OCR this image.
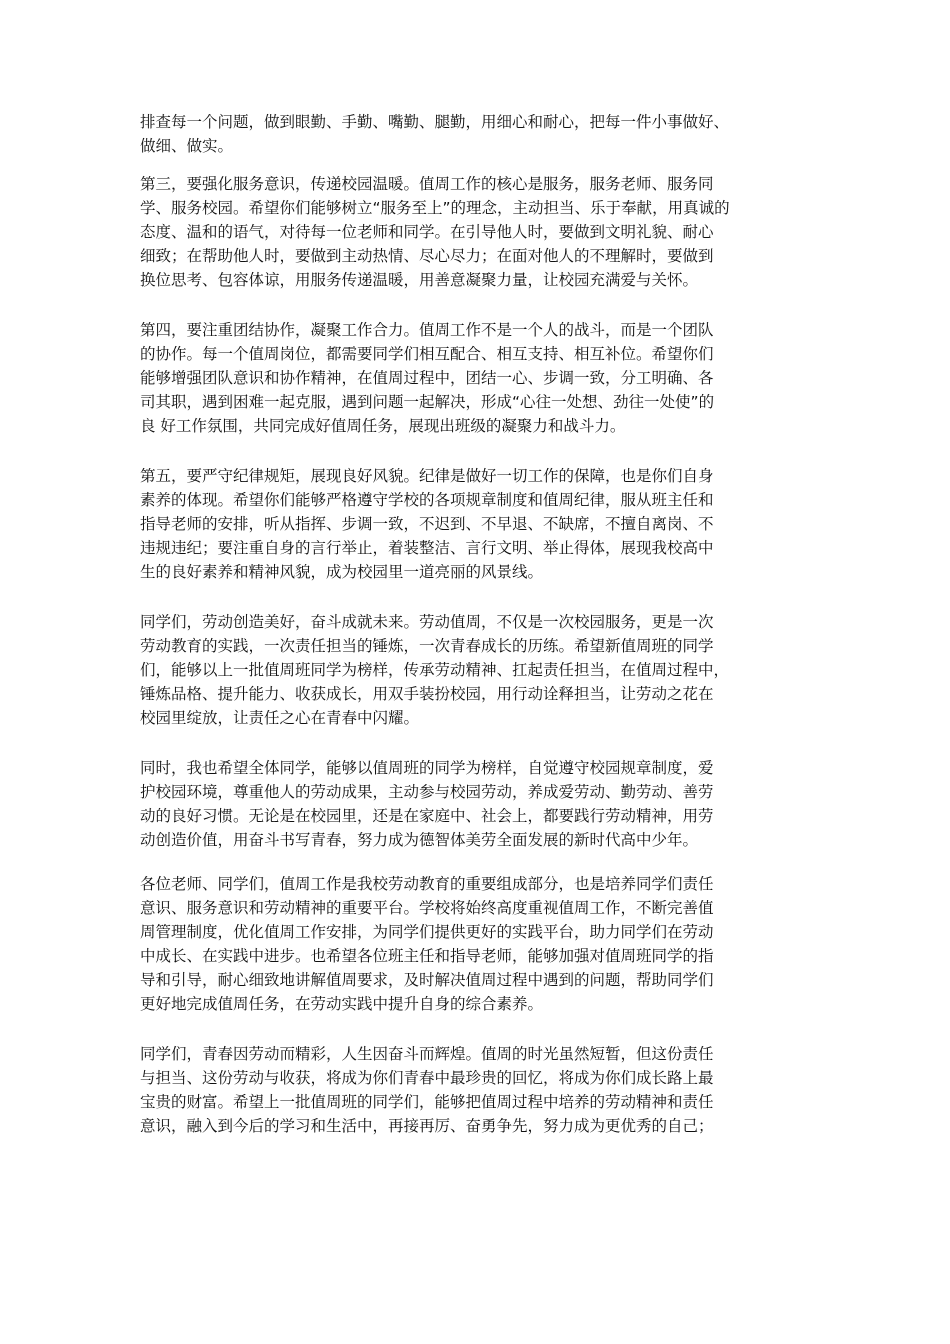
排查每一个问题，做到眼勤、手勤、嘴勤、腿勤，用细心和耐心，把每一件小事做好、
做细、做实。

第三，要强化服务意识，传递校园温暖。值周工作的核心是服务，服务老师、服务同
学、服务校园。希望你们能够树立“服务至上”的理念，主动担当、乐于奉献，用真诚的
态度、温和的语气，对待每一位老师和同学。在引导他人时，要做到文明礼貌、耐心
细致；在帮助他人时，要做到主动热情、尽心尽力；在面对他人的不理解时，要做到
换位思考、包容体谅，用服务传递温暖，用善意凝聚力量，让校园充满爱与关怀。

第四，要注重团结协作，凝聚工作合力。值周工作不是一个人的战斗，而是一个团队
的协作。每一个值周岗位，都需要同学们相互配合、相互支持、相互补位。希望你们
能够增强团队意识和协作精神，在值周过程中，团结一心、步调一致，分工明确、各
司其职，遇到困难一起克服，遇到问题一起解决，形成“心往一处想、劲往一处使”的
良 好工作氛围，共同完成好值周任务，展现出班级的凝聚力和战斗力。

第五，要严守纪律规矩，展现良好风貌。纪律是做好一切工作的保障，也是你们自身
素养的体现。希望你们能够严格遵守学校的各项规章制度和值周纪律，服从班主任和
指导老师的安排，听从指挥、步调一致，不迟到、不早退、不缺席，不擅自离岗、不
违规违纪；要注重自身的言行举止，着装整洁、言行文明、举止得体，展现我校高中
生的良好素养和精神风貌，成为校园里一道亮丽的风景线。

同学们，劳动创造美好，奋斗成就未来。劳动值周，不仅是一次校园服务，更是一次
劳动教育的实践，一次责任担当的锤炼，一次青春成长的历练。希望新值周班的同学
们，能够以上一批值周班同学为榜样，传承劳动精神、扛起责任担当，在值周过程中，
锤炼品格、提升能力、收获成长，用双手装扮校园，用行动诠释担当，让劳动之花在
校园里绽放，让责任之心在青春中闪耀。

同时，我也希望全体同学，能够以值周班的同学为榜样，自觉遵守校园规章制度，爱
护校园环境，尊重他人的劳动成果，主动参与校园劳动，养成爱劳动、勤劳动、善劳
动的良好习惯。无论是在校园里，还是在家庭中、社会上，都要践行劳动精神，用劳
动创造价值，用奋斗书写青春，努力成为德智体美劳全面发展的新时代高中少年。

各位老师、同学们，值周工作是我校劳动教育的重要组成部分，也是培养同学们责任
意识、服务意识和劳动精神的重要平台。学校将始终高度重视值周工作，不断完善值
周管理制度，优化值周工作安排，为同学们提供更好的实践平台，助力同学们在劳动
中成长、在实践中进步。也希望各位班主任和指导老师，能够加强对值周班同学的指
导和引导，耐心细致地讲解值周要求，及时解决值周过程中遇到的问题，帮助同学们
更好地完成值周任务，在劳动实践中提升自身的综合素养。

同学们，青春因劳动而精彩，人生因奋斗而辉煌。值周的时光虽然短暂，但这份责任
与担当、这份劳动与收获，将成为你们青春中最珍贵的回忆，将成为你们成长路上最
宝贵的财富。希望上一批值周班的同学们，能够把值周过程中培养的劳动精神和责任
意识，融入到今后的学习和生活中，再接再厉、奋勇争先，努力成为更优秀的自己；
